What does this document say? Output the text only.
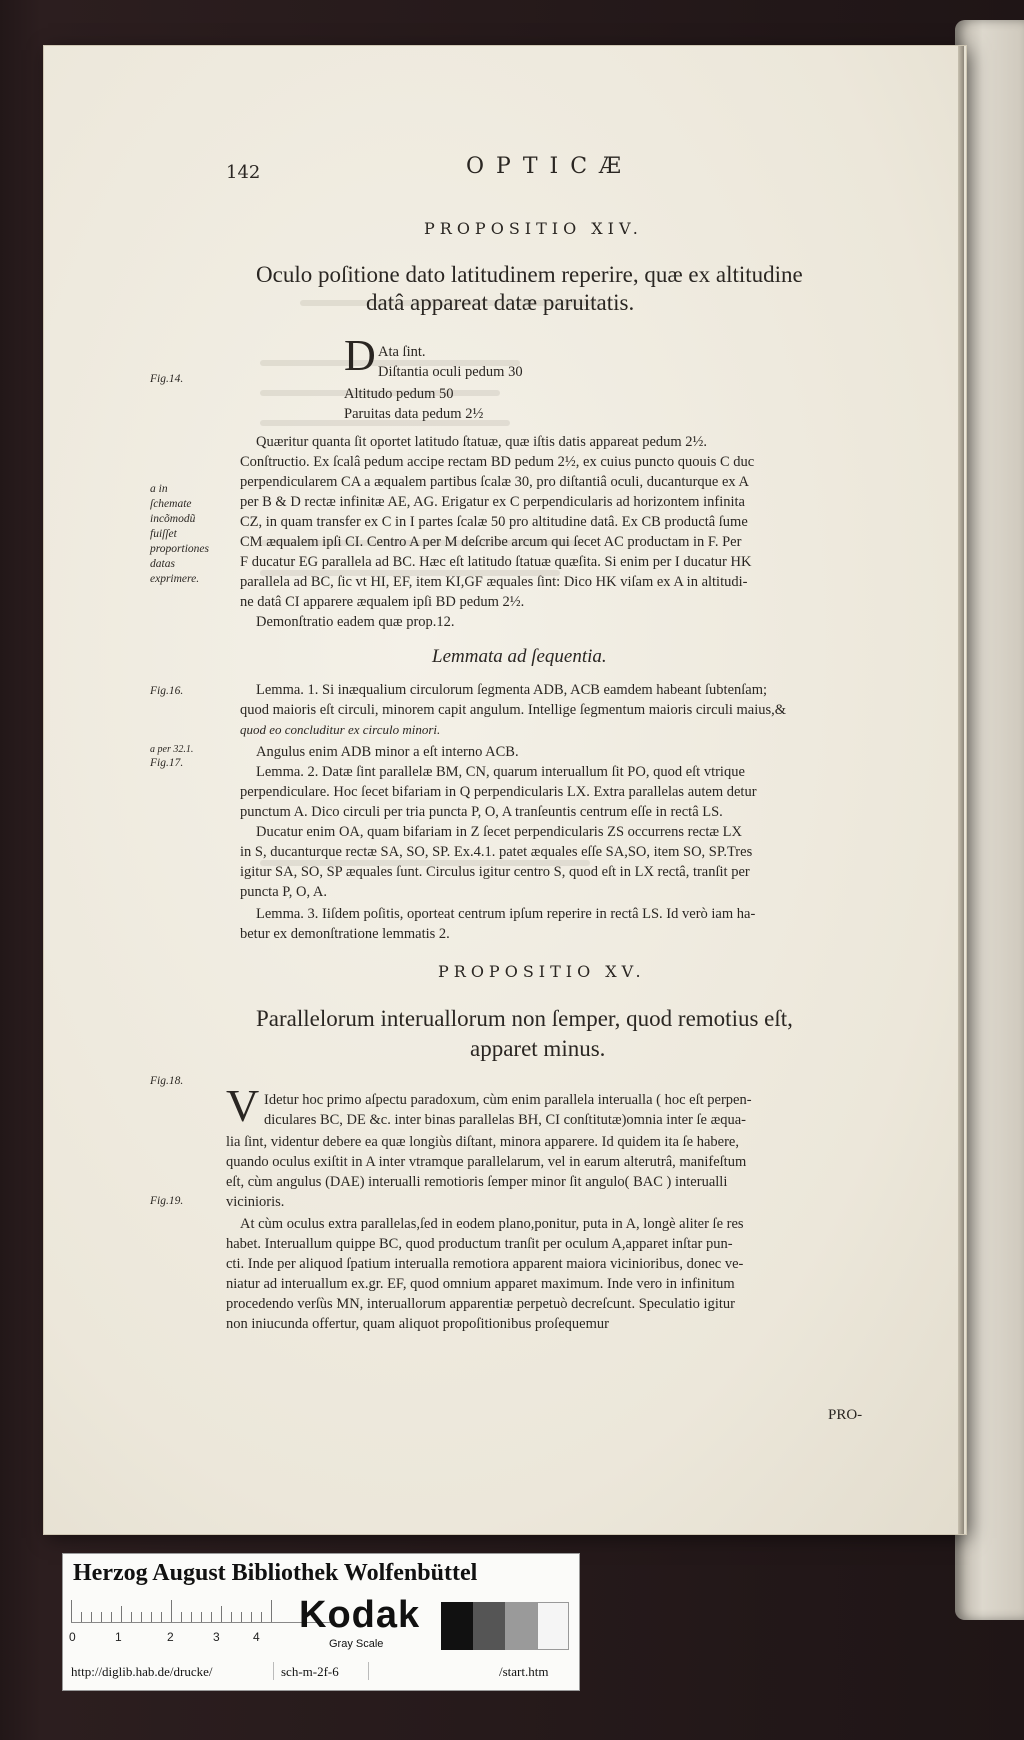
142	OPTICÆ
PROPOSITIO XIV.
Oculo poſitione dato latitudinem reperire, quæ ex altitudine
datâ appareat datæ paruitatis.
D Ata ſint.
Diſtantia oculi pedum 30
Altitudo pedum 50
Paruitas data pedum 2½
Quæritur quanta ſit oportet latitudo ſtatuæ, quæ iſtis datis appareat pedum 2½.
Conſtructio. Ex ſcalâ pedum accipe rectam BD pedum 2½, ex cuius puncto quouis C duc
perpendicularem CA a æqualem partibus ſcalæ 30, pro diſtantiâ oculi, ducanturque ex A
per B & D rectæ infinitæ AE, AG. Erigatur ex C perpendicularis ad horizontem infinita
CZ, in quam transfer ex C in I partes ſcalæ 50 pro altitudine datâ. Ex CB productâ ſume
CM æqualem ipſi CI. Centro A per M deſcribe arcum qui ſecet AC productam in F. Per
F ducatur EG parallela ad BC. Hæc eſt latitudo ſtatuæ quæſita. Si enim per I ducatur HK
parallela ad BC, ſic vt HI, EF, item KI,GF æquales ſint: Dico HK viſam ex A in altitudi-
ne datâ CI apparere æqualem ipſi BD pedum 2½.
Demonſtratio eadem quæ prop.12.
Lemmata ad ſequentia.
Lemma. 1. Si inæqualium circulorum ſegmenta ADB, ACB eamdem habeant ſubtenſam;
quod maioris eſt circuli, minorem capit angulum. Intellige ſegmentum maioris circuli maius,&
quod eo concluditur ex circulo minori.
Angulus enim ADB minor a eſt interno ACB.
Lemma. 2. Datæ ſint parallelæ BM, CN, quarum interuallum ſit PO, quod eſt vtrique
perpendiculare. Hoc ſecet bifariam in Q perpendicularis LX. Extra parallelas autem detur
punctum A. Dico circuli per tria puncta P, O, A tranſeuntis centrum eſſe in rectâ LS.
Ducatur enim OA, quam bifariam in Z ſecet perpendicularis ZS occurrens rectæ LX
in S, ducanturque rectæ SA, SO, SP. Ex.4.1. patet æquales eſſe SA,SO, item SO, SP.Tres
igitur SA, SO, SP æquales ſunt. Circulus igitur centro S, quod eſt in LX rectâ, tranſit per
puncta P, O, A.
Lemma. 3. Iiſdem poſitis, oporteat centrum ipſum reperire in rectâ LS. Id verò iam ha-
betur ex demonſtratione lemmatis 2.
PROPOSITIO XV.
Parallelorum interuallorum non ſemper, quod remotius eſt,
apparet minus.
V Idetur hoc primo aſpectu paradoxum, cùm enim parallela interualla ( hoc eſt perpen-
diculares BC, DE &c. inter binas parallelas BH, CI conſtitutæ)omnia inter ſe æqua-
lia ſint, videntur debere ea quæ longiùs diſtant, minora apparere. Id quidem ita ſe habere,
quando oculus exiſtit in A inter vtramque parallelarum, vel in earum alterutrâ, manifeſtum
eſt, cùm angulus (DAE) interualli remotioris ſemper minor ſit angulo( BAC ) interualli
vicinioris.
At cùm oculus extra parallelas,ſed in eodem plano,ponitur, puta in A, longè aliter ſe res
habet. Interuallum quippe BC, quod productum tranſit per oculum A,apparet inſtar pun-
cti. Inde per aliquod ſpatium interualla remotiora apparent maiora vicinioribus, donec ve-
niatur ad interuallum ex.gr. EF, quod omnium apparet maximum. Inde vero in infinitum
procedendo verſùs MN, interuallorum apparentiæ perpetuò decreſcunt. Speculatio igitur
non iniucunda offertur, quam aliquot propoſitionibus proſequemur
PRO-
Fig.14.
a in ſchemate incõmodũ fuiſſet proportiones datas exprimere.
Fig.16.
a per 32.1.
Fig.17.
Fig.18.
Fig.19.
Herzog August Bibliothek Wolfenbüttel
0	1	2	3	4
Kodak
Gray Scale
http://diglib.hab.de/drucke/	sch-m-2f-6	/start.htm
